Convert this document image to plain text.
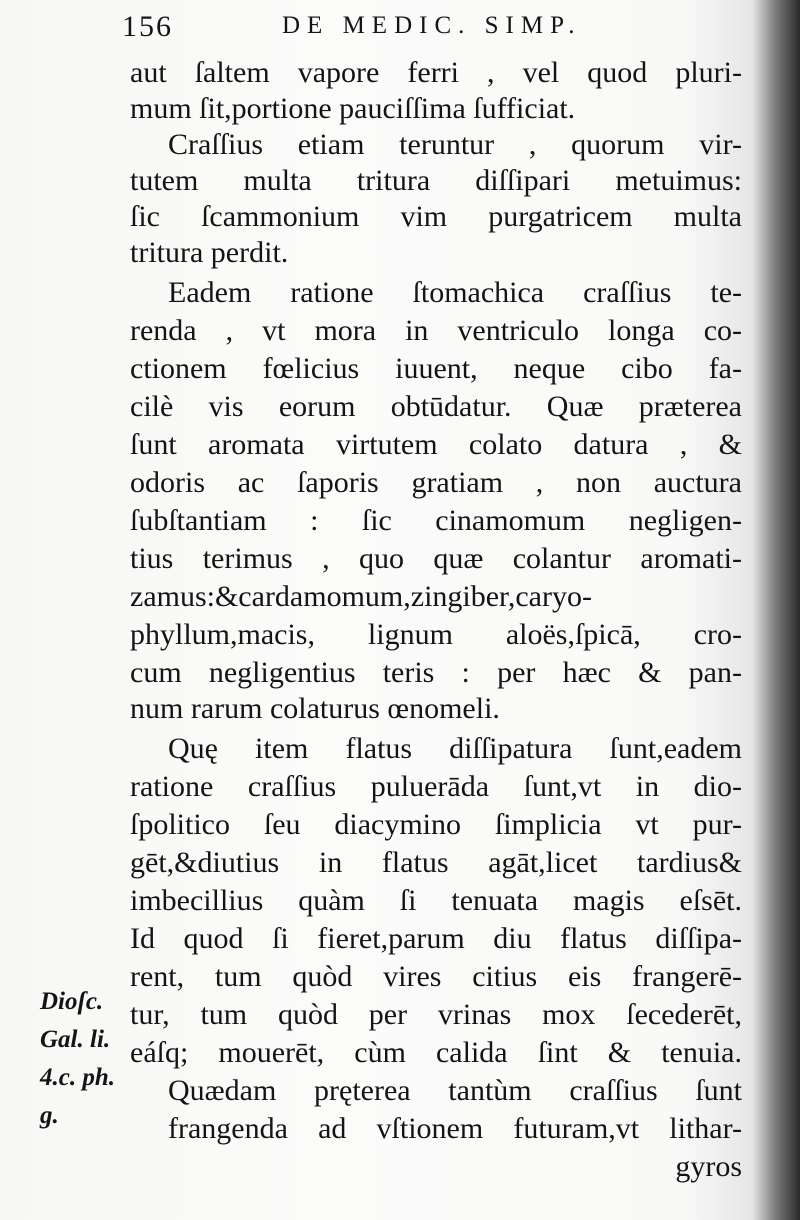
156	DE MEDIC. SIMP.
aut ſaltem vapore ferri , vel quod pluri-
mum ſit,portione pauciſſima ſufficiat.
Craſſius etiam teruntur , quorum vir-
tutem multa tritura diſſipari metuimus:
ſic ſcammonium vim purgatricem multa
tritura perdit.
Eadem ratione ſtomachica craſſius te-
renda , vt mora in ventriculo longa co-
ctionem fœlicius iuuent, neque cibo fa-
cilè vis eorum obtūdatur. Quæ præterea
ſunt aromata virtutem colato datura , &
odoris ac ſaporis gratiam , non auctura
ſubſtantiam : ſic cinamomum negligen-
tius terimus , quo quæ colantur aromati-
zamus:&cardamomum,zingiber,caryo-
phyllum,macis, lignum aloës,ſpicā, cro-
cum negligentius teris : per hæc & pan-
num rarum colaturus œnomeli.
Quę item flatus diſſipatura ſunt,eadem
ratione craſſius puluerāda ſunt,vt in dio-
ſpolitico ſeu diacymino ſimplicia vt pur-
gēt,&diutius in flatus agāt,licet tardius&
imbecillius quàm ſi tenuata magis eſsēt.
Id quod ſi fieret,parum diu flatus diſſipa-
rent, tum quòd vires citius eis frangerē-
tur, tum quòd per vrinas mox ſecederēt,
eáſq; mouerēt, cùm calida ſint & tenuia.
Quædam pręterea tantùm craſſius ſunt
frangenda ad vſtionem futuram,vt lithar-
gyros
Dioſc.
Gal. li.
4.c. ph.
g.
